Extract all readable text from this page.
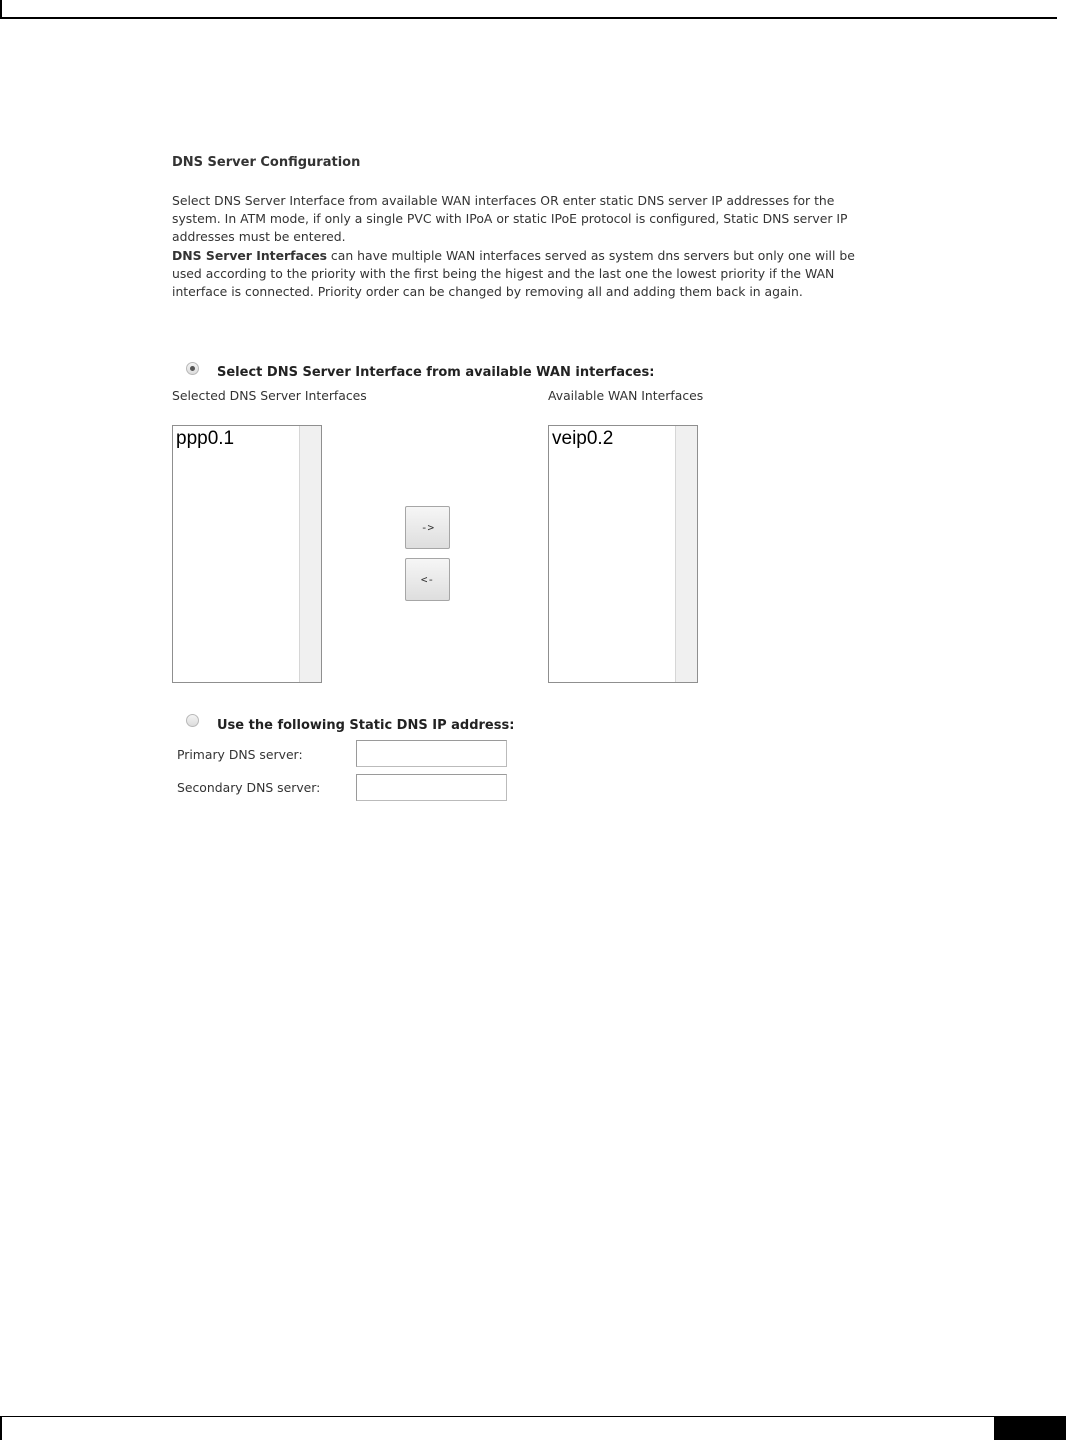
DNS Server Configuration

Select DNS Server Interface from available WAN interfaces OR enter static DNS server IP addresses for the system. In ATM mode, if only a single PVC with IPoA or static IPoE protocol is configured, Static DNS server IP addresses must be entered.

DNS Server Interfaces can have multiple WAN interfaces served as system dns servers but only one will be used according to the priority with the first being the higest and the last one the lowest priority if the WAN interface is connected. Priority order can be changed by removing all and adding them back in again.

Select DNS Server Interface from available WAN interfaces:
Selected DNS Server Interfaces	Available WAN Interfaces
ppp0.1
->
<-
veip0.2
Use the following Static DNS IP address:
Primary DNS server:
Secondary DNS server:
